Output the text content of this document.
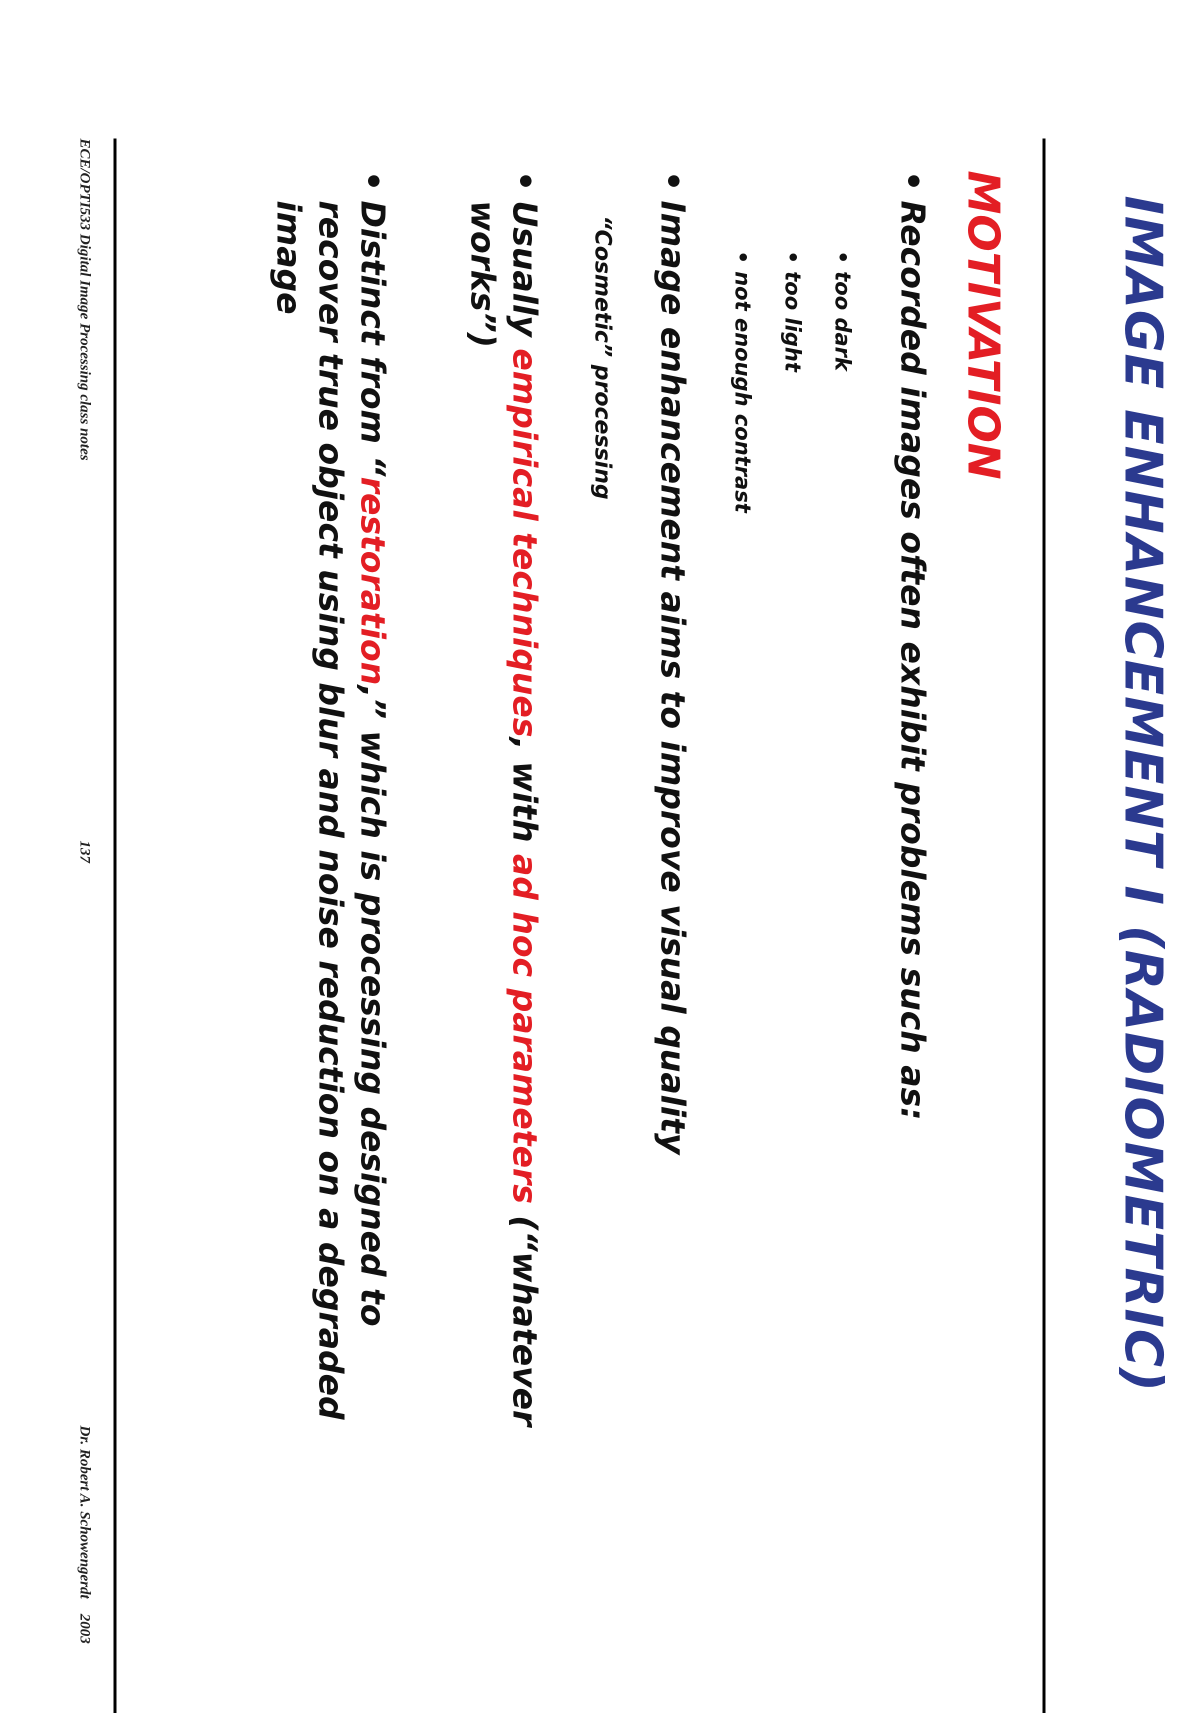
IMAGE ENHANCEMENT I (RADIOMETRIC)
MOTIVATION
•Recorded images often exhibit problems such as:
• too dark
• too light
• not enough contrast
•Image enhancement aims to improve visual quality
“Cosmetic” processing
•Usually empirical techniques, with ad hoc parameters (“whatever
works”)
•Distinct from “restoration,” which is processing designed to
recover true object using blur and noise reduction on a degraded
image
ECE/OPTI533 Digital Image Processing class notes
137
Dr. Robert A. Schowengerdt    2003
